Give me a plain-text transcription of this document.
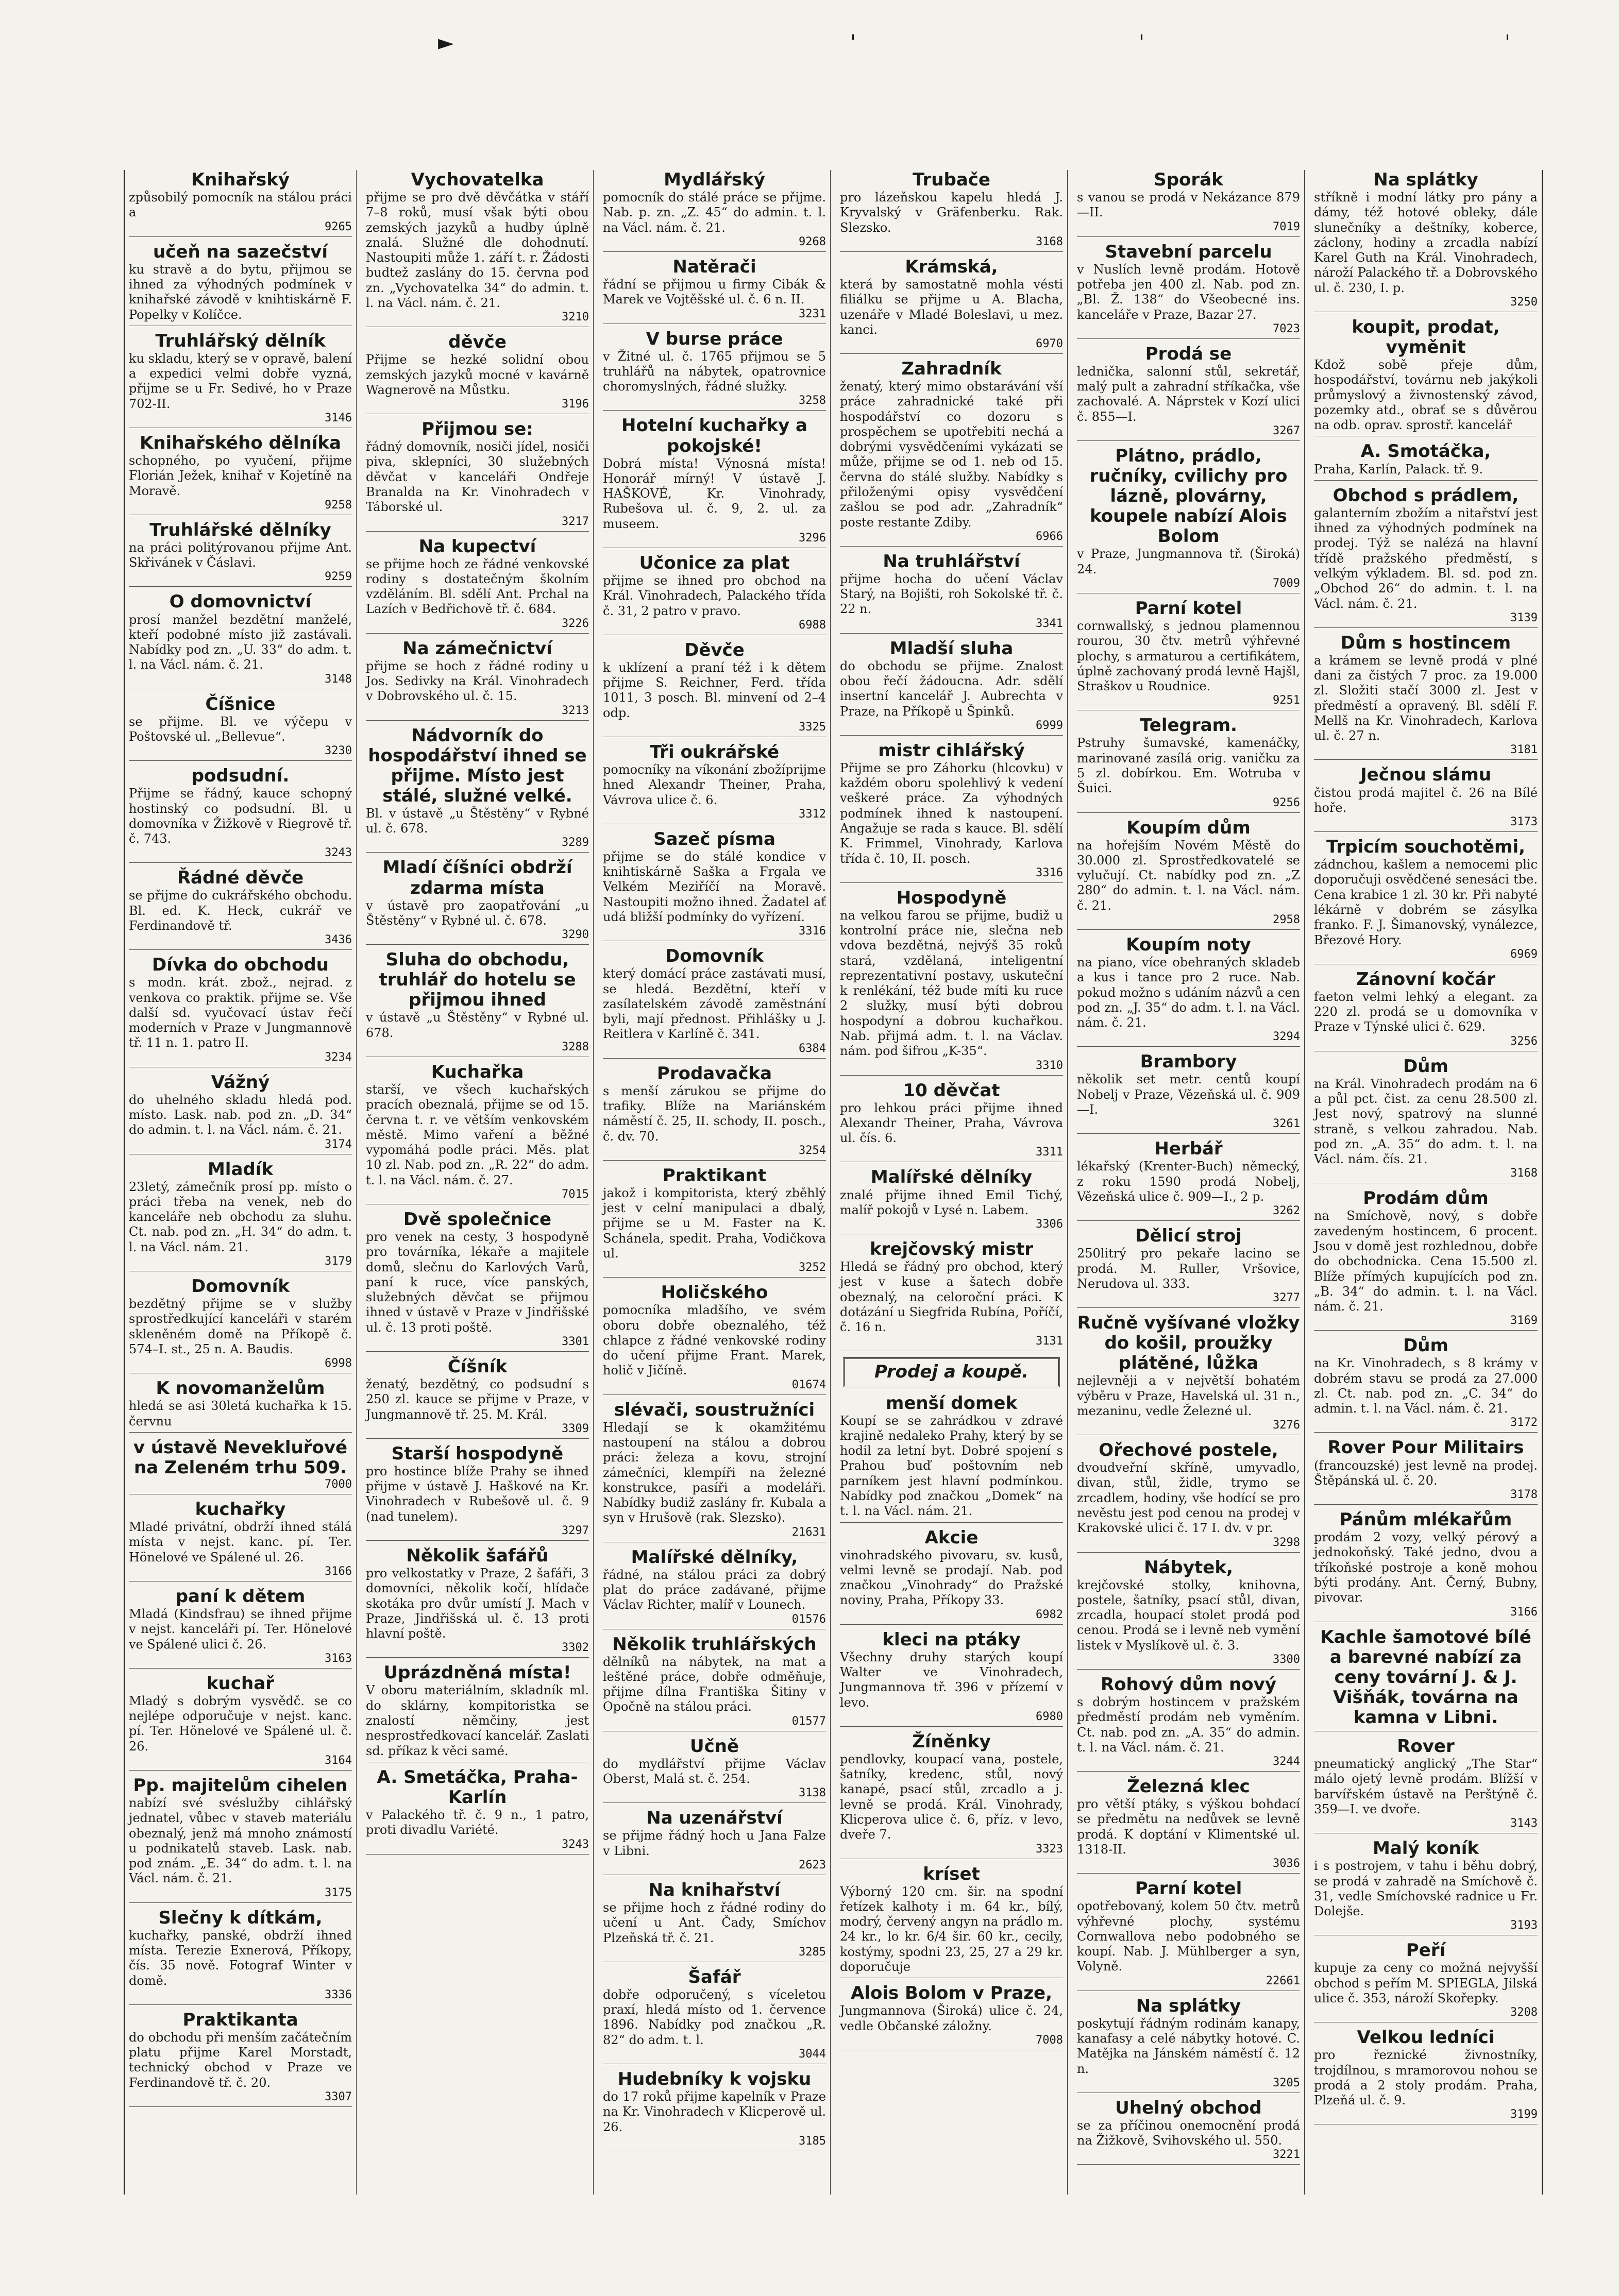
►	'	'	'
Knihařský
způsobilý pomocník na stálou práci a
9265
učeň na sazečství
ku stravě a do bytu, přijmou se ihned za výhodných podmínek v knihařské závodě v knihtiskárně F. Popelky v Kolíčce.
Truhlářský dělník
ku skladu, který se v opravě, balení a expedici velmi dobře vyzná, přijme se u Fr. Sedivé, ho v Praze 702-II.
3146
Knihařského dělníka
schopného, po vyučení, přijme Florián Ježek, knihař v Kojetíně na Moravě.
9258
Truhlářské dělníky
na práci politýrovanou přijme Ant. Skřivánek v Čáslavi.
9259
O domovnictví
prosí manžel bezdětní manželé, kteří podobné místo již zastávali. Nabídky pod zn. „U. 33“ do adm. t. l. na Václ. nám. č. 21.
3148
Číšnice
se přijme. Bl. ve výčepu v Poštovské ul. „Bellevue“.
3230
podsudní.
Přijme se řádný, kauce schopný hostinský co podsudní. Bl. u domovníka v Žižkově v Riegrově tř. č. 743.
3243
Řádné děvče
se přijme do cukrářského obchodu. Bl. ed. K. Heck, cukrář ve Ferdinandově tř.
3436
Dívka do obchodu
s modn. krát. zbož., nejrad. z venkova co praktik. přijme se. Vše další sd. vyučovací ústav řečí moderních v Praze v Jungmannově tř. 11 n. 1. patro II.
3234
Vážný
do uhelného skladu hledá pod. místo. Lask. nab. pod zn. „D. 34“ do admin. t. l. na Václ. nám. č. 21.
3174
Mladík
23letý, zámečník prosí pp. místo o práci třeba na venek, neb do kanceláře neb obchodu za sluhu. Ct. nab. pod zn. „H. 34“ do adm. t. l. na Václ. nám. 21.
3179
Domovník
bezdětný přijme se v služby sprostředkující kanceláři v starém skleněném domě na Příkopě č. 574–I. st., 25 n. A. Baudis.
6998
K novomanželům
hledá se asi 30letá kuchařka k 15. červnu
v ústavě Nevekluřové na Zeleném trhu 509.
7000
kuchařky
Mladé privátní, obdrží ihned stálá místa v nejst. kanc. pí. Ter. Hönelové ve Spálené ul. 26.
3166
paní k dětem
Mladá (Kindsfrau) se ihned přijme v nejst. kanceláři pí. Ter. Hönelové ve Spálené ulici č. 26.
3163
kuchař
Mladý s dobrým vysvědč. se co nejlépe odporučuje v nejst. kanc. pí. Ter. Hönelové ve Spálené ul. č. 26.
3164
Pp. majitelům cihelen
nabízí své svéslužby cihlářský jednatel, vůbec v staveb materiálu obeznalý, jenž má mnoho známostí u podnikatelů staveb. Lask. nab. pod znám. „E. 34“ do adm. t. l. na Václ. nám. č. 21.
3175
Slečny k dítkám,
kuchařky, panské, obdrží ihned místa. Terezie Exnerová, Příkopy, čís. 35 nově. Fotograf Winter v domě.
3336
Praktikanta
do obchodu při menším začátečním platu přijme Karel Morstadt, technický obchod v Praze ve Ferdinandově tř. č. 20.
3307
Vychovatelka
přijme se pro dvě děvčátka v stáří 7–8 roků, musí však býti obou zemských jazyků a hudby úplně znalá. Služné dle dohodnutí. Nastoupiti může 1. září t. r. Žádosti budtež zaslány do 15. června pod zn. „Vychovatelka 34“ do admin. t. l. na Václ. nám. č. 21.
3210
děvče
Přijme se hezké solidní obou zemských jazyků mocné v kavárně Wagnerově na Můstku.
3196
Přijmou se:
řádný domovník, nosiči jídel, nosiči piva, sklepníci, 30 služebných děvčat v kanceláři Ondřeje Branalda na Kr. Vinohradech v Táborské ul.
3217
Na kupectví
se přijme hoch ze řádné venkovské rodiny s dostatečným školním vzděláním. Bl. sdělí Ant. Prchal na Lazích v Bedřichově tř. č. 684.
3226
Na zámečnictví
přijme se hoch z řádné rodiny u Jos. Sedivky na Král. Vinohradech v Dobrovského ul. č. 15.
3213
Nádvorník do hospodářství ihned se přijme. Místo jest stálé, služné velké.
Bl. v ústavě „u Štěstěny“ v Rybné ul. č. 678.
3289
Mladí číšníci obdrží zdarma místa
v ústavě pro zaopatřování „u Štěstěny“ v Rybné ul. č. 678.
3290
Sluha do obchodu, truhlář do hotelu se přijmou ihned
v ústavě „u Štěstěny“ v Rybné ul. 678.
3288
Kuchařka
starší, ve všech kuchařských pracích obeznalá, přijme se od 15. června t. r. ve větším venkovském městě. Mimo vaření a běžné vypomáhá podle práci. Měs. plat 10 zl. Nab. pod zn. „R. 22“ do adm. t. l. na Václ. nám. č. 27.
7015
Dvě společnice
pro venek na cesty, 3 hospodyně pro továrníka, lékaře a majitele domů, slečnu do Karlových Varů, paní k ruce, více panských, služebných děvčat se přijmou ihned v ústavě v Praze v Jindřišské ul. č. 13 proti poště.
3301
Číšník
ženatý, bezdětný, co podsudní s 250 zl. kauce se přijme v Praze, v Jungmannově tř. 25. M. Král.
3309
Starší hospodyně
pro hostince blíže Prahy se ihned přijme v ústavě J. Haškové na Kr. Vinohradech v Rubešově ul. č. 9 (nad tunelem).
3297
Několik šafářů
pro velkostatky v Praze, 2 šafáři, 3 domovníci, několik kočí, hlídače skotáka pro dvůr umístí J. Mach v Praze, Jindřišská ul. č. 13 proti hlavní poště.
3302
Uprázdněná místa!
V oboru materiálním, skladník ml. do sklárny, kompitoristka se znalostí němčiny, jest nesprostředkovací kancelář. Zaslati sd. příkaz k věci samé.
A. Smetáčka, Praha-Karlín
v Palackého tř. č. 9 n., 1 patro, proti divadlu Variété.
3243
Mydlářský
pomocník do stálé práce se přijme. Nab. p. zn. „Z. 45“ do admin. t. l. na Václ. nám. č. 21.
9268
Natěrači
řádní se přijmou u firmy Cibák & Marek ve Vojtěšské ul. č. 6 n. II.
3231
V burse práce
v Žitné ul. č. 1765 přijmou se 5 truhlářů na nábytek, opatrovnice choromyslných, řádné služky.
3258
Hotelní kuchařky a pokojské!
Dobrá místa! Výnosná místa! Honorář mírný! V ústavě J. HAŠKOVÉ, Kr. Vinohrady, Rubešova ul. č. 9, 2. ul. za museem.
3296
Učonice za plat
přijme se ihned pro obchod na Král. Vinohradech, Palackého třída č. 31, 2 patro v pravo.
6988
Děvče
k uklízení a praní též i k dětem přijme S. Reichner, Ferd. třída 1011, 3 posch. Bl. minvení od 2–4 odp.
3325
Tři oukrářské
pomocníky na víkonání zbožíprijme hned Alexandr Theiner, Praha, Vávrova ulice č. 6.
3312
Sazeč písma
přijme se do stálé kondice v knihtiskárně Saška a Frgala ve Velkém Meziříčí na Moravě. Nastoupiti možno ihned. Žadatel ať udá bližší podmínky do vyřízení.
3316
Domovník
který domácí práce zastávati musí, se hledá. Bezdětní, kteří v zasílatelském závodě zaměstnání byli, mají přednost. Přihlášky u J. Reitlera v Karlíně č. 341.
6384
Prodavačka
s menší zárukou se přijme do trafiky. Blíže na Mariánském náměstí č. 25, II. schody, II. posch., č. dv. 70.
3254
Praktikant
jakož i kompitorista, který zběhlý jest v celní manipulaci a dbalý, přijme se u M. Faster na K. Schánela, spedit. Praha, Vodičkova ul.
3252
Holičského
pomocníka mladšího, ve svém oboru dobře obeznalého, též chlapce z řádné venkovské rodiny do učení přijme Frant. Marek, holič v Jičíně.
01674
slévači, soustružníci
Hledají se k okamžitému nastoupení na stálou a dobrou práci: železa a kovu, strojní zámečníci, klempíři na železné konstrukce, pasíři a modeláři. Nabídky budiž zaslány fr. Kubala a syn v Hrušově (rak. Slezsko).
21631
Malířské dělníky,
řádné, na stálou práci za dobrý plat do práce zadávané, přijme Václav Richter, malíř v Lounech.
01576
Několik truhlářských
dělníků na nábytek, na mat a leštěné práce, dobře odměňuje, přijme dílna Františka Šitiny v Opočně na stálou práci.
01577
Učně
do mydlářství přijme Václav Oberst, Malá st. č. 254.
3138
Na uzenářství
se přijme řádný hoch u Jana Falze v Libni.
2623
Na knihařství
se přijme hoch z řádné rodiny do učení u Ant. Čady, Smíchov Plzeňská tř. č. 21.
3285
Šafář
dobře odporučený, s víceletou praxí, hledá místo od 1. července 1896. Nabídky pod značkou „R. 82“ do adm. t. l.
3044
Hudebníky k vojsku
do 17 roků přijme kapelník v Praze na Kr. Vinohradech v Klicperově ul. 26.
3185
Trubače
pro lázeňskou kapelu hledá J. Kryvalský v Gräfenberku. Rak. Slezsko.
3168
Krámská,
která by samostatně mohla vésti filiálku se přijme u A. Blacha, uzenáře v Mladé Boleslavi, u mez. kanci.
6970
Zahradník
ženatý, který mimo obstarávání vší práce zahradnické také při hospodářství co dozoru s prospěchem se upotřebiti nechá a dobrými vysvědčeními vykázati se může, přijme se od 1. neb od 15. června do stálé služby. Nabídky s přiloženými opisy vysvědčení zašlou se pod adr. „Zahradník“ poste restante Zdiby.
6966
Na truhlářství
přijme hocha do učení Václav Starý, na Bojišti, roh Sokolské tř. č. 22 n.
3341
Mladší sluha
do obchodu se přijme. Znalost obou řečí žádoucna. Adr. sdělí insertní kancelář J. Aubrechta v Praze, na Příkopě u Špinků.
6999
mistr cihlářský
Přijme se pro Záhorku (hlcovku) v každém oboru spolehlivý k vedení veškeré práce. Za výhodných podmínek ihned k nastoupení. Angažuje se rada s kauce. Bl. sdělí K. Frimmel, Vinohrady, Karlova třída č. 10, II. posch.
3316
Hospodyně
na velkou farou se přijme, budiž u kontrolní práce nie, slečna neb vdova bezdětná, nejvýš 35 roků stará, vzdělaná, inteligentní reprezentativní postavy, uskuteční k renlékání, též bude míti ku ruce 2 služky, musí býti dobrou hospodyní a dobrou kuchařkou. Nab. přijmá adm. t. l. na Václav. nám. pod šifrou „K-35“.
3310
10 děvčat
pro lehkou práci přijme ihned Alexandr Theiner, Praha, Vávrova ul. čís. 6.
3311
Malířské dělníky
znalé přijme ihned Emil Tichý, malíř pokojů v Lysé n. Labem.
3306
krejčovský mistr
Hledá se řádný pro obchod, který jest v kuse a šatech dobře obeznalý, na celoroční práci. K dotázání u Siegfrida Rubína, Poříčí, č. 16 n.
3131
Prodej a koupě.
menší domek
Koupí se se zahrádkou v zdravé krajině nedaleko Prahy, který by se hodil za letní byt. Dobré spojení s Prahou buď poštovním neb parníkem jest hlavní podmínkou. Nabídky pod značkou „Domek“ na t. l. na Václ. nám. 21.
Akcie
vinohradského pivovaru, sv. kusů, velmi levně se prodají. Nab. pod značkou „Vinohrady“ do Pražské noviny, Praha, Příkopy 33.
6982
kleci na ptáky
Všechny druhy starých koupí Walter ve Vinohradech, Jungmannova tř. 396 v přízemí v levo.
6980
Žíněnky
pendlovky, koupací vana, postele, šatníky, kredenc, stůl, nový kanapé, psací stůl, zrcadlo a j. levně se prodá. Král. Vinohrady, Klicperova ulice č. 6, příz. v levo, dveře 7.
3323
kríset
Výborný 120 cm. šir. na spodní řetízek kalhoty i m. 64 kr., bílý, modrý, červený angyn na prádlo m. 24 kr., lo kr. 6/4 šir. 60 kr., cecily, kostýmy, spodni 23, 25, 27 a 29 kr. doporučuje
Alois Bolom v Praze,
Jungmannova (Široká) ulice č. 24, vedle Občanské záložny.
7008
Sporák
s vanou se prodá v Nekázance 879—II.
7019
Stavební parcelu
v Nuslích levně prodám. Hotově potřeba jen 400 zl. Nab. pod zn. „Bl. Ž. 138“ do Všeobecné ins. kanceláře v Praze, Bazar 27.
7023
Prodá se
lednička, salonní stůl, sekretář, malý pult a zahradní stříkačka, vše zachovalé. A. Náprstek v Kozí ulici č. 855—I.
3267
Plátno, prádlo, ručníky, cvilichy pro lázně, plovárny, koupele nabízí Alois Bolom
v Praze, Jungmannova tř. (Široká) 24.
7009
Parní kotel
cornwallský, s jednou plamennou rourou, 30 čtv. metrů výhřevné plochy, s armaturou a certifikátem, úplně zachovaný prodá levně Hajšl, Straškov u Roudnice.
9251
Telegram.
Pstruhy šumavské, kamenáčky, marinované zasílá orig. vaničku za 5 zl. dobírkou. Em. Wotruba v Šuici.
9256
Koupím dům
na hořejším Novém Městě do 30.000 zl. Sprostředkovatelé se vylučují. Ct. nabídky pod zn. „Z 280“ do admin. t. l. na Václ. nám. č. 21.
2958
Koupím noty
na piano, více obehraných skladeb a kus i tance pro 2 ruce. Nab. pokud možno s udáním názvů a cen pod zn. „J. 35“ do adm. t. l. na Václ. nám. č. 21.
3294
Brambory
několik set metr. centů koupí Nobelj v Praze, Vězeňská ul. č. 909—I.
3261
Herbář
lékařský (Krenter-Buch) německý, z roku 1590 prodá Nobelj, Vězeňská ulice č. 909—I., 2 p.
3262
Dělicí stroj
250litrý pro pekaře lacino se prodá. M. Ruller, Vršovice, Nerudova ul. 333.
3277
Ručně vyšívané vložky do košil, proužky plátěné, lůžka
nejlevněji a v největší bohatém výběru v Praze, Havelská ul. 31 n., mezaninu, vedle Železné ul.
3276
Ořechové postele,
dvoudveřní skříně, umyvadlo, divan, stůl, židle, trymo se zrcadlem, hodiny, vše hodící se pro nevěstu jest pod cenou na prodej v Krakovské ulici č. 17 I. dv. v pr.
3298
Nábytek,
krejčovské stolky, knihovna, postele, šatníky, psací stůl, divan, zrcadla, houpací stolet prodá pod cenou. Prodá se i levně neb vymění listek v Myslíkově ul. č. 3.
3300
Rohový dům nový
s dobrým hostincem v pražském předměstí prodám neb vyměním. Ct. nab. pod zn. „A. 35“ do admin. t. l. na Václ. nám. č. 21.
3244
Železná klec
pro větší ptáky, s výškou bohdací se předmětu na nedůvek se levně prodá. K doptání v Klimentské ul. 1318-II.
3036
Parní kotel
opotřebovaný, kolem 50 čtv. metrů výhřevné plochy, systému Cornwallova nebo podobného se koupí. Nab. J. Mühlberger a syn, Volyně.
22661
Na splátky
poskytují řádným rodinám kanapy, kanafasy a celé nábytky hotové. C. Matějka na Jánském náměstí č. 12 n.
3205
Uhelný obchod
se za příčinou onemocnění prodá na Žižkově, Svihovského ul. 550.
3221
Na splátky
stříkně i modní látky pro pány a dámy, též hotové obleky, dále slunečníky a deštníky, koberce, záclony, hodiny a zrcadla nabízí Karel Guth na Král. Vinohradech, nároží Palackého tř. a Dobrovského ul. č. 230, I. p.
3250
koupit, prodat, vyměnit
Kdož sobě přeje dům, hospodářství, továrnu neb jakýkoli průmyslový a živnostenský závod, pozemky atd., obrať se s důvěrou na odb. oprav. sprostř. kancelář
A. Smotáčka,
Praha, Karlín, Palack. tř. 9.
Obchod s prádlem,
galanterním zbožím a nitařství jest ihned za výhodných podmínek na prodej. Týž se nalézá na hlavní třídě pražského předměstí, s velkým výkladem. Bl. sd. pod zn. „Obchod 26“ do admin. t. l. na Václ. nám. č. 21.
3139
Dům s hostincem
a krámem se levně prodá v plné dani za čistých 7 proc. za 19.000 zl. Složiti stačí 3000 zl. Jest v předměstí a opravený. Bl. sdělí F. Mellš na Kr. Vinohradech, Karlova ul. č. 27 n.
3181
Ječnou slámu
čistou prodá majitel č. 26 na Bílé hoře.
3173
Trpicím souchotěmi,
zádnchou, kašlem a nemocemi plic doporučuji osvědčené senesáci tbe. Cena krabice 1 zl. 30 kr. Při nabyté lékárně v dobrém se zásylka franko. F. J. Šimanovský, vynálezce, Březové Hory.
6969
Zánovní kočár
faeton velmi lehký a elegant. za 220 zl. prodá se u domovníka v Praze v Týnské ulici č. 629.
3256
Dům
na Král. Vinohradech prodám na 6 a půl pct. čist. za cenu 28.500 zl. Jest nový, spatrový na slunné straně, s velkou zahradou. Nab. pod zn. „A. 35“ do adm. t. l. na Václ. nám. čís. 21.
3168
Prodám dům
na Smíchově, nový, s dobře zavedeným hostincem, 6 procent. Jsou v domě jest rozhlednou, dobře do obchodnicka. Cena 15.500 zl. Blíže přímých kupujících pod zn. „B. 34“ do admin. t. l. na Václ. nám. č. 21.
3169
Dům
na Kr. Vinohradech, s 8 krámy v dobrém stavu se prodá za 27.000 zl. Ct. nab. pod zn. „C. 34“ do admin. t. l. na Václ. nám. č. 21.
3172
Rover Pour Militairs
(francouzské) jest levně na prodej. Štěpánská ul. č. 20.
3178
Pánům mlékařům
prodám 2 vozy, velký pérový a jednokoňský. Také jedno, dvou a tříkoňské postroje a koně mohou býti prodány. Ant. Černý, Bubny, pivovar.
3166
Kachle šamotové bílé a barevné nabízí za ceny tovární J. & J. Višňák, továrna na kamna v Libni.
Rover
pneumatický anglický „The Star“ málo ojetý levně prodám. Blížší v barvířském ústavě na Perštýně č. 359—I. ve dvoře.
3143
Malý koník
i s postrojem, v tahu i běhu dobrý, se prodá v zahradě na Smíchově č. 31, vedle Smíchovské radnice u Fr. Dolejše.
3193
Peří
kupuje za ceny co možná nejvyšší obchod s peřím M. SPIEGLA, Jilská ulice č. 353, nároží Skořepky.
3208
Velkou ledníci
pro řeznické živnostníky, trojdílnou, s mramorovou nohou se prodá a 2 stoly prodám. Praha, Plzeňá ul. č. 9.
3199
